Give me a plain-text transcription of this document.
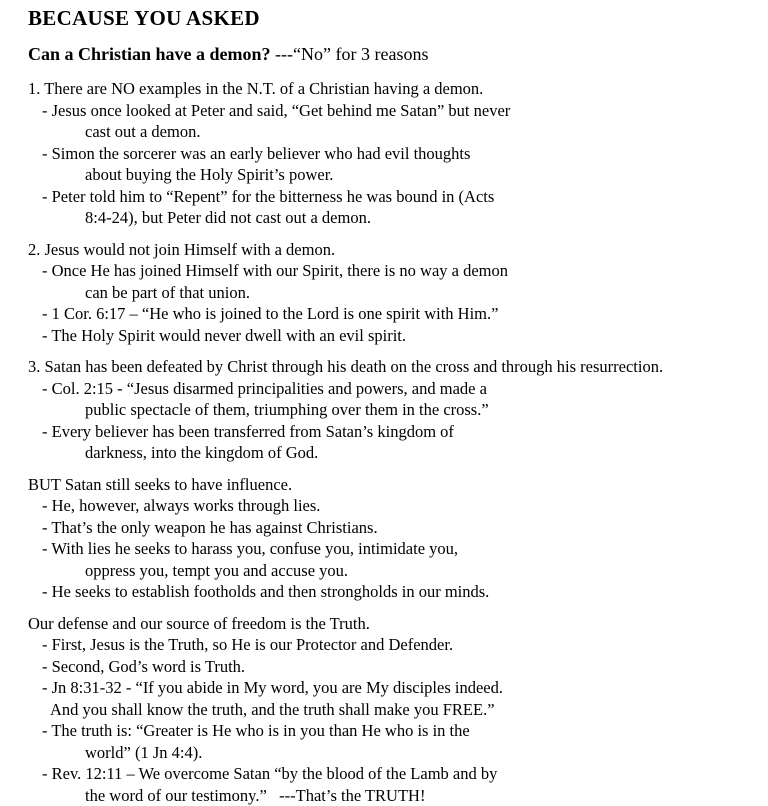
BECAUSE YOU ASKED

Can a Christian have a demon? ---“No” for 3 reasons

1. There are NO examples in the N.T. of a Christian having a demon.
- Jesus once looked at Peter and said, “Get behind me Satan” but never
cast out a demon.
- Simon the sorcerer was an early believer who had evil thoughts
about buying the Holy Spirit’s power.
- Peter told him to “Repent” for the bitterness he was bound in (Acts
8:4-24), but Peter did not cast out a demon.
2. Jesus would not join Himself with a demon.
- Once He has joined Himself with our Spirit, there is no way a demon
can be part of that union.
- 1 Cor. 6:17 – “He who is joined to the Lord is one spirit with Him.”
- The Holy Spirit would never dwell with an evil spirit.
3. Satan has been defeated by Christ through his death on the cross and through his resurrection.
- Col. 2:15 - “Jesus disarmed principalities and powers, and made a
public spectacle of them, triumphing over them in the cross.”
- Every believer has been transferred from Satan’s kingdom of
darkness, into the kingdom of God.
BUT Satan still seeks to have influence.
- He, however, always works through lies.
- That’s the only weapon he has against Christians.
- With lies he seeks to harass you, confuse you, intimidate you,
oppress you, tempt you and accuse you.
- He seeks to establish footholds and then strongholds in our minds.
Our defense and our source of freedom is the Truth.
- First, Jesus is the Truth, so He is our Protector and Defender.
- Second, God’s word is Truth.
- Jn 8:31-32 - “If you abide in My word, you are My disciples indeed.
And you shall know the truth, and the truth shall make you FREE.”
- The truth is: “Greater is He who is in you than He who is in the
world” (1 Jn 4:4).
- Rev. 12:11 – We overcome Satan “by the blood of the Lamb and by
the word of our testimony.”   ---That’s the TRUTH!
